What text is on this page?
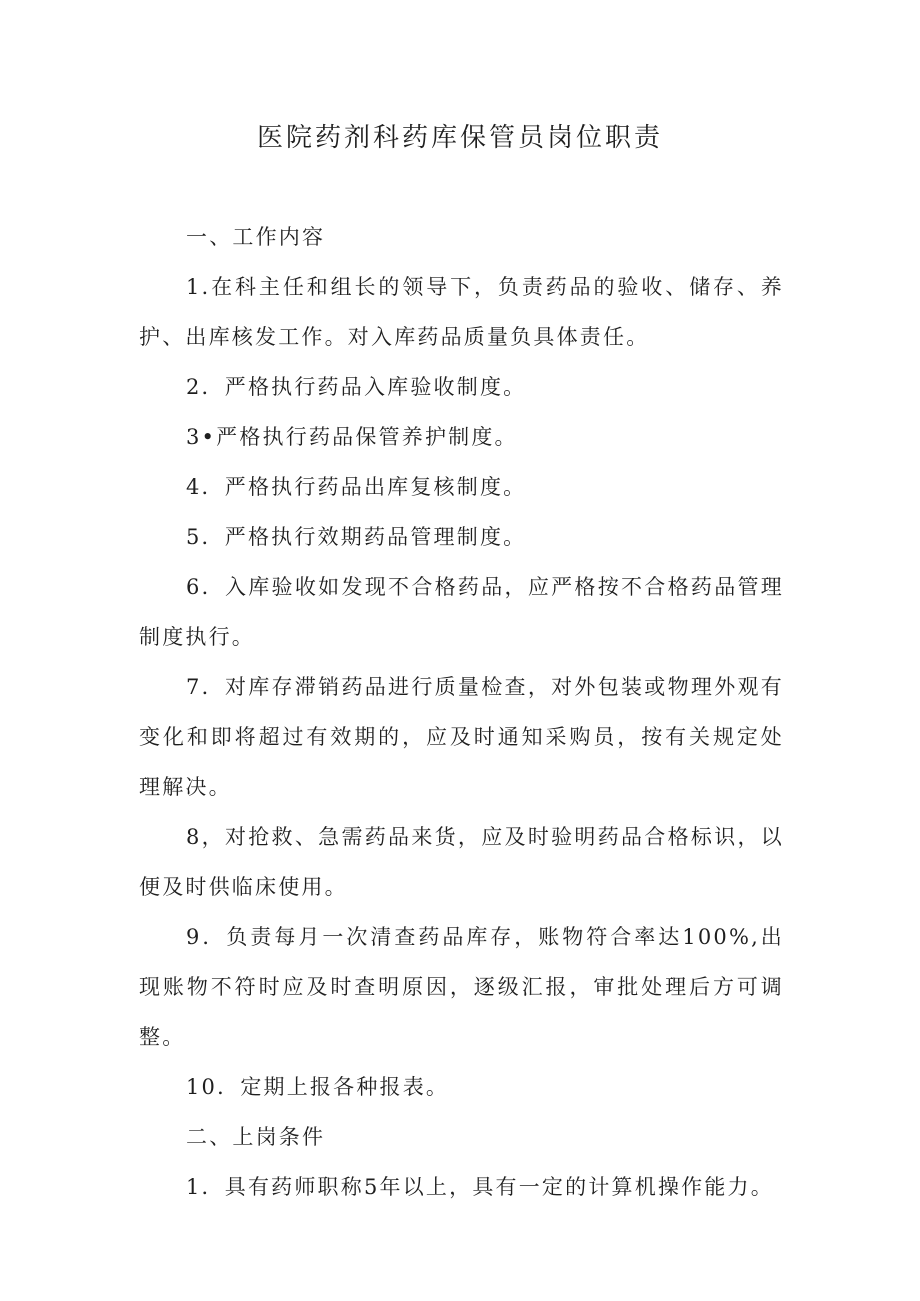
医院药剂科药库保管员岗位职责

一、工作内容

1.在科主任和组长的领导下，负责药品的验收、储存、养护、出库核发工作。对入库药品质量负具体责任。

2．严格执行药品入库验收制度。

3•严格执行药品保管养护制度。

4．严格执行药品出库复核制度。

5．严格执行效期药品管理制度。

6．入库验收如发现不合格药品，应严格按不合格药品管理制度执行。

7．对库存滞销药品进行质量检查，对外包装或物理外观有变化和即将超过有效期的，应及时通知采购员，按有关规定处理解决。

8，对抢救、急需药品来货，应及时验明药品合格标识，以便及时供临床使用。

9．负责每月一次清查药品库存，账物符合率达100%,出现账物不符时应及时查明原因，逐级汇报，审批处理后方可调整。

10．定期上报各种报表。

二、上岗条件

1．具有药师职称5年以上，具有一定的计算机操作能力。
